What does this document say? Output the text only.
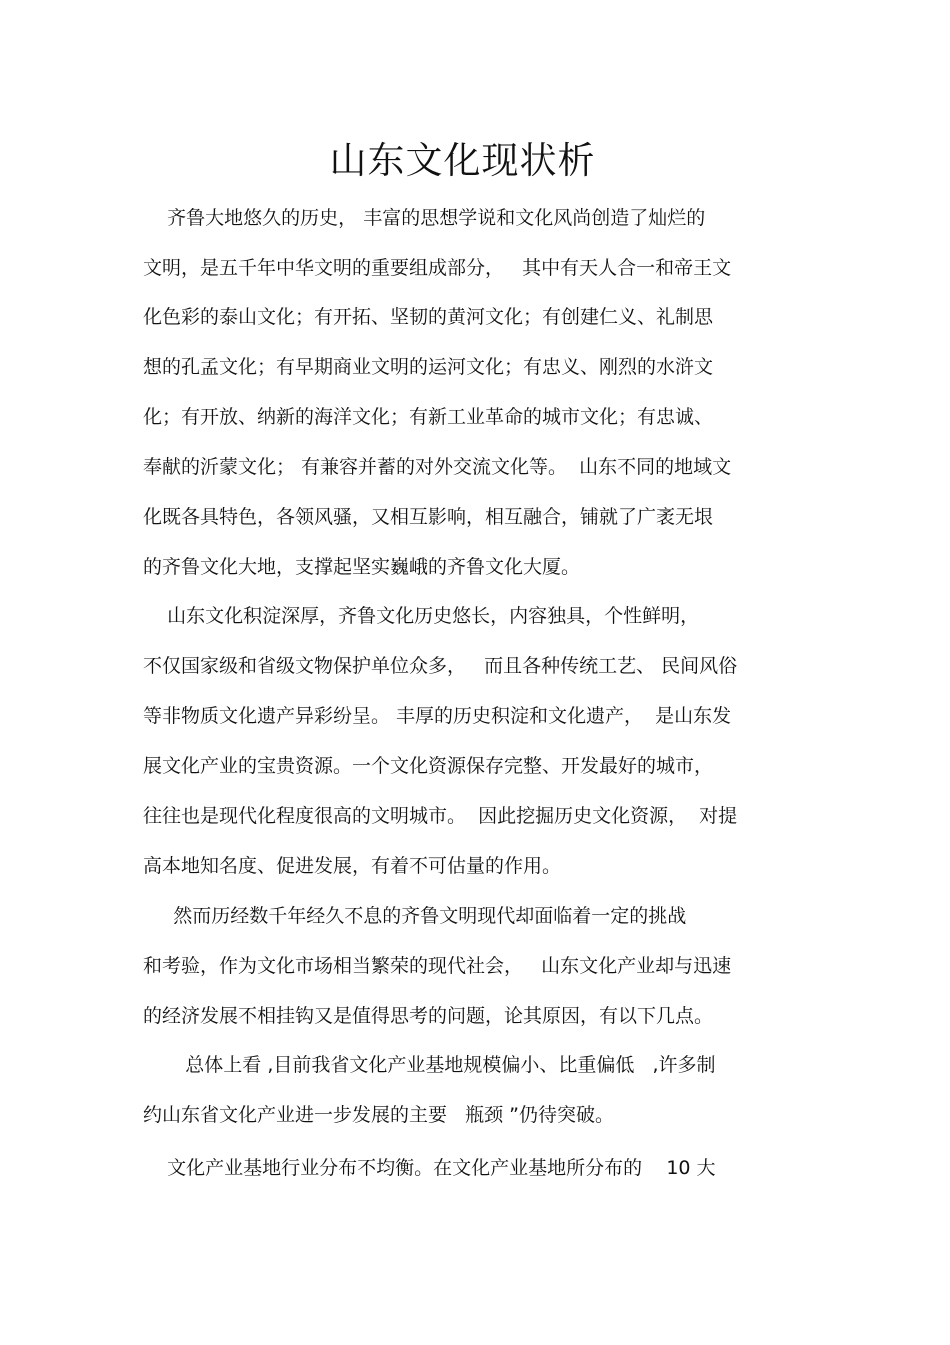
山东文化现状析
齐鲁大地悠久的历史， 丰富的思想学说和文化风尚创造了灿烂的
文明，是五千年中华文明的重要组成部分，   其中有天人合一和帝王文
化色彩的泰山文化；有开拓、坚韧的黄河文化；有创建仁义、礼制思
想的孔孟文化；有早期商业文明的运河文化；有忠义、刚烈的水浒文
化；有开放、纳新的海洋文化；有新工业革命的城市文化；有忠诚、
奉献的沂蒙文化； 有兼容并蓄的对外交流文化等。  山东不同的地域文
化既各具特色，各领风骚，又相互影响，相互融合，铺就了广袤无垠
的齐鲁文化大地，支撑起坚实巍峨的齐鲁文化大厦。
山东文化积淀深厚，齐鲁文化历史悠长，内容独具，个性鲜明，
不仅国家级和省级文物保护单位众多，   而且各种传统工艺、 民间风俗
等非物质文化遗产异彩纷呈。 丰厚的历史积淀和文化遗产，  是山东发
展文化产业的宝贵资源。一个文化资源保存完整、开发最好的城市，
往往也是现代化程度很高的文明城市。  因此挖掘历史文化资源，  对提
高本地知名度、促进发展，有着不可估量的作用。
然而历经数千年经久不息的齐鲁文明现代却面临着一定的挑战
和考验，作为文化市场相当繁荣的现代社会，   山东文化产业却与迅速
的经济发展不相挂钩又是值得思考的问题，论其原因，有以下几点。
总体上看 ,目前我省文化产业基地规模偏小、比重偏低   ,许多制
约山东省文化产业进一步发展的主要   瓶颈 ”仍待突破。
文化产业基地行业分布不均衡。在文化产业基地所分布的    10 大
